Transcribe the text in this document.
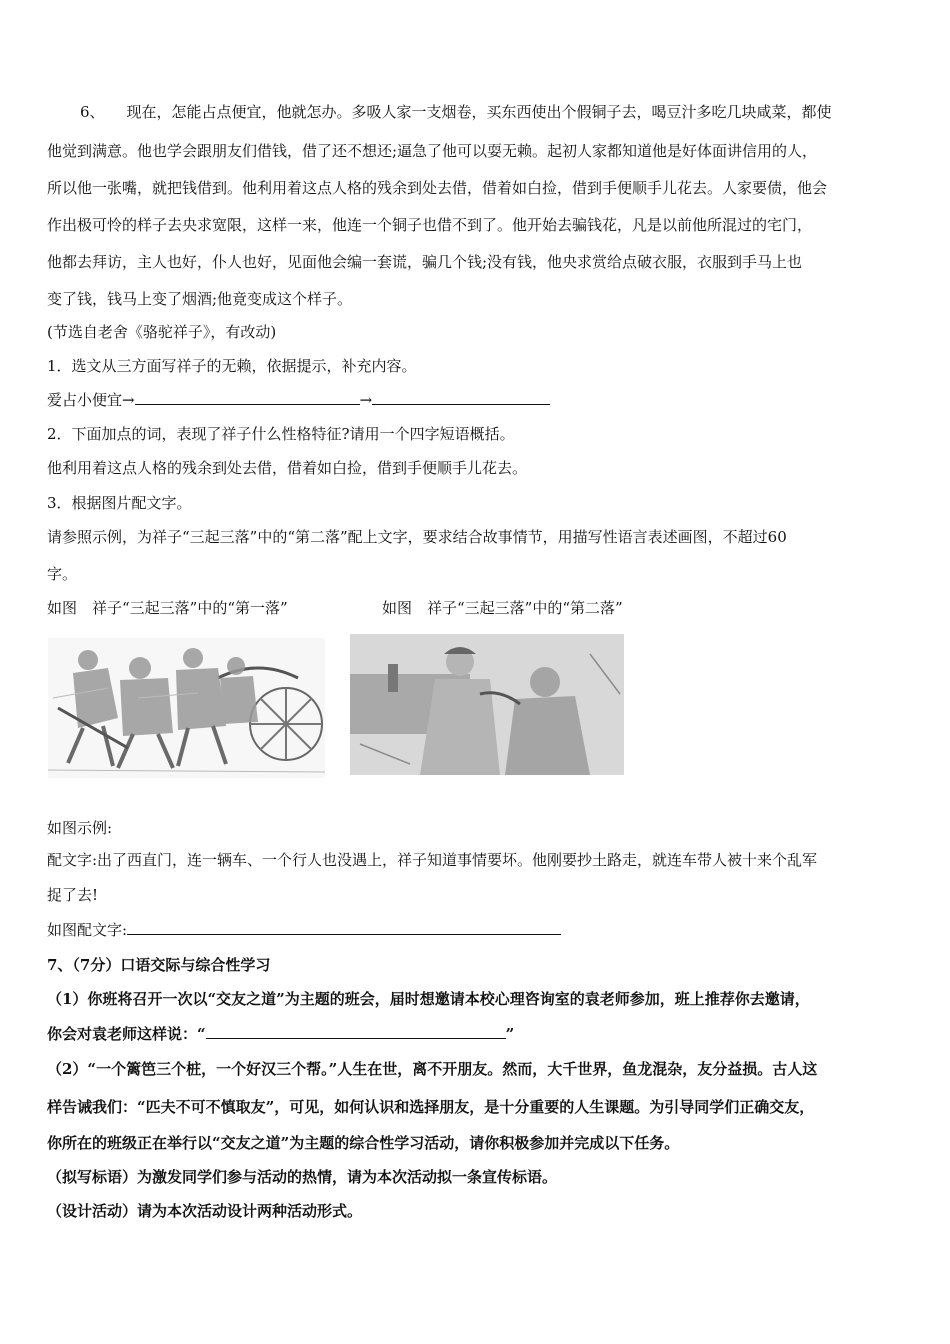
6、 现在，怎能占点便宜，他就怎办。多吸人家一支烟卷，买东西使出个假铜子去，喝豆汁多吃几块咸菜，都使
他觉到满意。他也学会跟朋友们借钱，借了还不想还;逼急了他可以耍无赖。起初人家都知道他是好体面讲信用的人，
所以他一张嘴，就把钱借到。他利用着这点人格的残余到处去借，借着如白捡，借到手便顺手儿花去。人家要债，他会
作出极可怜的样子去央求宽限，这样一来，他连一个铜子也借不到了。他开始去骗钱花，凡是以前他所混过的宅门，
他都去拜访，主人也好，仆人也好，见面他会编一套谎，骗几个钱;没有钱，他央求赏给点破衣服，衣服到手马上也
变了钱，钱马上变了烟酒;他竟变成这个样子。
(节选自老舍《骆驼祥子》，有改动)
1．选文从三方面写祥子的无赖，依据提示，补充内容。
爱占小便宜→	→
2．下面加点的词，表现了祥子什么性格特征?请用一个四字短语概括。
他利用着这点人格的残余到处去借，借着如白捡，借到手便顺手儿花去。
3．根据图片配文字。
请参照示例，为祥子“三起三落”中的“第二落”配上文字，要求结合故事情节，用描写性语言表述画图，不超过60
字。
如图　祥子“三起三落”中的“第一落”	如图　祥子“三起三落”中的“第二落”
如图示例:
配文字:出了西直门，连一辆车、一个行人也没遇上，祥子知道事情要坏。他刚要抄土路走，就连车带人被十来个乱军
捉了去!
如图配文字:
7、（7分）口语交际与综合性学习
（1）你班将召开一次以“交友之道”为主题的班会，届时想邀请本校心理咨询室的袁老师参加，班上推荐你去邀请，
你会对袁老师这样说：“	”
（2）“一个篱笆三个桩，一个好汉三个帮。”人生在世，离不开朋友。然而，大千世界，鱼龙混杂，友分益损。古人这
样告诫我们：“匹夫不可不慎取友”，可见，如何认识和选择朋友，是十分重要的人生课题。为引导同学们正确交友，
你所在的班级正在举行以“交友之道”为主题的综合性学习活动，请你积极参加并完成以下任务。
（拟写标语）为激发同学们参与活动的热情，请为本次活动拟一条宣传标语。
（设计活动）请为本次活动设计两种活动形式。
